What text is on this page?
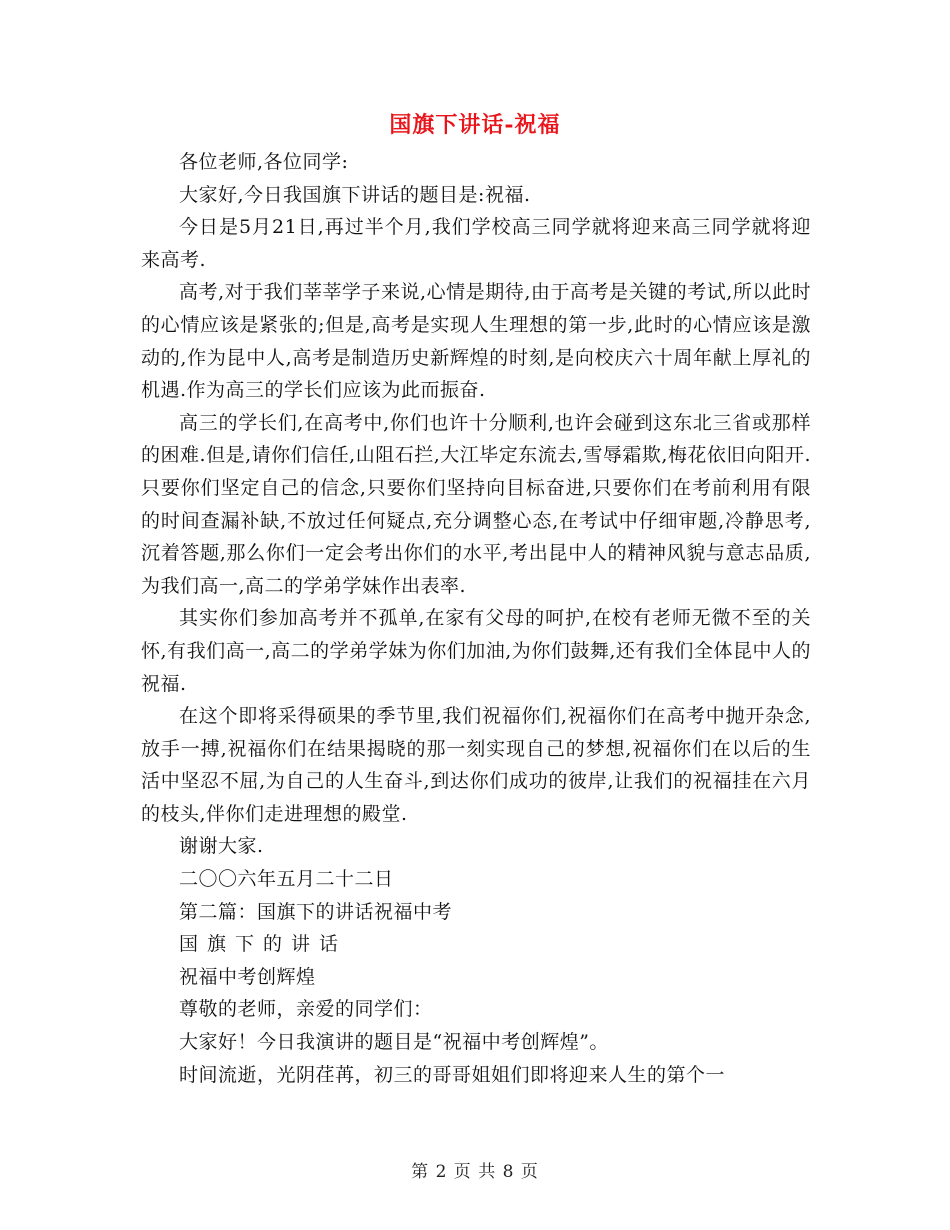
国旗下讲话-祝福

各位老师,各位同学:

大家好,今日我国旗下讲话的题目是:祝福.

今日是5月21日,再过半个月,我们学校高三同学就将迎来高三同学就将迎来高考.

高考,对于我们莘莘学子来说,心情是期待,由于高考是关键的考试,所以此时的心情应该是紧张的;但是,高考是实现人生理想的第一步,此时的心情应该是激动的,作为昆中人,高考是制造历史新辉煌的时刻,是向校庆六十周年献上厚礼的机遇.作为高三的学长们应该为此而振奋.

高三的学长们,在高考中,你们也许十分顺利,也许会碰到这东北三省或那样的困难.但是,请你们信任,山阻石拦,大江毕定东流去,雪辱霜欺,梅花依旧向阳开.只要你们坚定自己的信念,只要你们坚持向目标奋进,只要你们在考前利用有限的时间查漏补缺,不放过任何疑点,充分调整心态,在考试中仔细审题,冷静思考,沉着答题,那么你们一定会考出你们的水平,考出昆中人的精神风貌与意志品质,为我们高一,高二的学弟学妹作出表率.

其实你们参加高考并不孤单,在家有父母的呵护,在校有老师无微不至的关怀,有我们高一,高二的学弟学妹为你们加油,为你们鼓舞,还有我们全体昆中人的祝福.

在这个即将采得硕果的季节里,我们祝福你们,祝福你们在高考中抛开杂念,放手一搏,祝福你们在结果揭晓的那一刻实现自己的梦想,祝福你们在以后的生活中坚忍不屈,为自己的人生奋斗,到达你们成功的彼岸,让我们的祝福挂在六月的枝头,伴你们走进理想的殿堂.

谢谢大家.

二〇〇六年五月二十二日

第二篇：国旗下的讲话祝福中考

国旗下的讲话

祝福中考创辉煌

尊敬的老师，亲爱的同学们：

大家好！今日我演讲的题目是“祝福中考创辉煌”。

时间流逝，光阴荏苒，初三的哥哥姐姐们即将迎来人生的第个一

第 2 页 共 8 页
